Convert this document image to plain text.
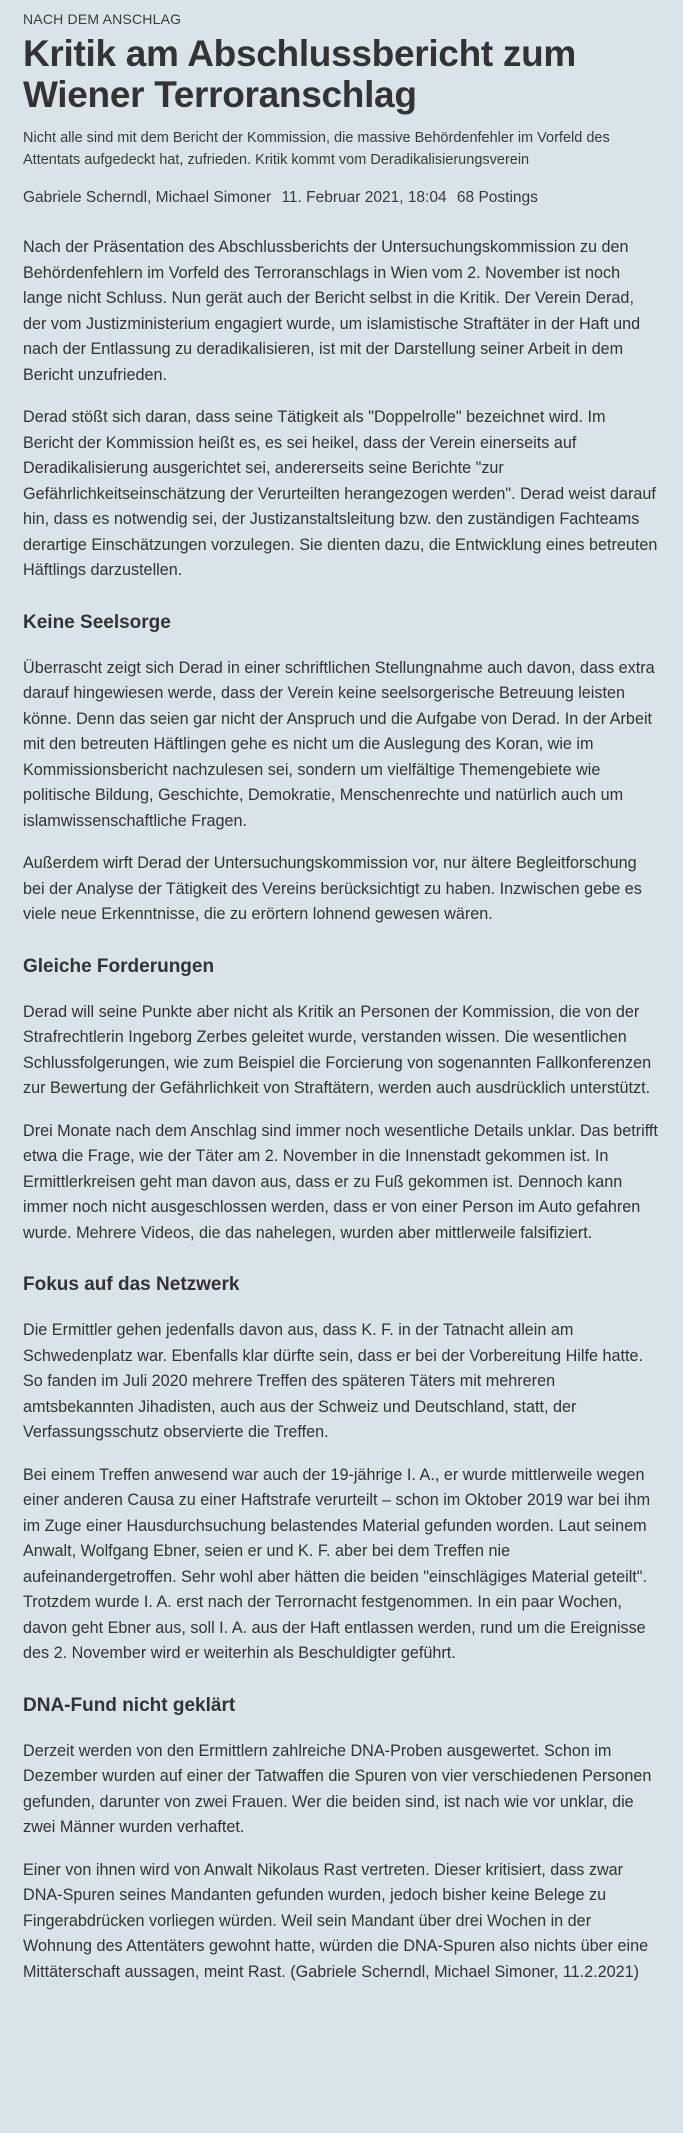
NACH DEM ANSCHLAG
Kritik am Abschlussbericht zum Wiener Terroranschlag

Nicht alle sind mit dem Bericht der Kommission, die massive Behördenfehler im Vorfeld des Attentats aufgedeckt hat, zufrieden. Kritik kommt vom Deradikalisierungsverein

Gabriele Scherndl, Michael Simoner 11. Februar 2021, 18:04 68 Postings

Nach der Präsentation des Abschlussberichts der Untersuchungskommission zu den Behördenfehlern im Vorfeld des Terroranschlags in Wien vom 2. November ist noch lange nicht Schluss. Nun gerät auch der Bericht selbst in die Kritik. Der Verein Derad, der vom Justizministerium engagiert wurde, um islamistische Straftäter in der Haft und nach der Entlassung zu deradikalisieren, ist mit der Darstellung seiner Arbeit in dem Bericht unzufrieden.

Derad stößt sich daran, dass seine Tätigkeit als "Doppelrolle" bezeichnet wird. Im Bericht der Kommission heißt es, es sei heikel, dass der Verein einerseits auf Deradikalisierung ausgerichtet sei, andererseits seine Berichte "zur Gefährlichkeitseinschätzung der Verurteilten herangezogen werden". Derad weist darauf hin, dass es notwendig sei, der Justizanstaltsleitung bzw. den zuständigen Fachteams derartige Einschätzungen vorzulegen. Sie dienten dazu, die Entwicklung eines betreuten Häftlings darzustellen.

Keine Seelsorge

Überrascht zeigt sich Derad in einer schriftlichen Stellungnahme auch davon, dass extra darauf hingewiesen werde, dass der Verein keine seelsorgerische Betreuung leisten könne. Denn das seien gar nicht der Anspruch und die Aufgabe von Derad. In der Arbeit mit den betreuten Häftlingen gehe es nicht um die Auslegung des Koran, wie im Kommissionsbericht nachzulesen sei, sondern um vielfältige Themengebiete wie politische Bildung, Geschichte, Demokratie, Menschenrechte und natürlich auch um islamwissenschaftliche Fragen.

Außerdem wirft Derad der Untersuchungskommission vor, nur ältere Begleitforschung bei der Analyse der Tätigkeit des Vereins berücksichtigt zu haben. Inzwischen gebe es viele neue Erkenntnisse, die zu erörtern lohnend gewesen wären.

Gleiche Forderungen

Derad will seine Punkte aber nicht als Kritik an Personen der Kommission, die von der Strafrechtlerin Ingeborg Zerbes geleitet wurde, verstanden wissen. Die wesentlichen Schlussfolgerungen, wie zum Beispiel die Forcierung von sogenannten Fallkonferenzen zur Bewertung der Gefährlichkeit von Straftätern, werden auch ausdrücklich unterstützt.

Drei Monate nach dem Anschlag sind immer noch wesentliche Details unklar. Das betrifft etwa die Frage, wie der Täter am 2. November in die Innenstadt gekommen ist. In Ermittlerkreisen geht man davon aus, dass er zu Fuß gekommen ist. Dennoch kann immer noch nicht ausgeschlossen werden, dass er von einer Person im Auto gefahren wurde. Mehrere Videos, die das nahelegen, wurden aber mittlerweile falsifiziert.

Fokus auf das Netzwerk

Die Ermittler gehen jedenfalls davon aus, dass K. F. in der Tatnacht allein am Schwedenplatz war. Ebenfalls klar dürfte sein, dass er bei der Vorbereitung Hilfe hatte. So fanden im Juli 2020 mehrere Treffen des späteren Täters mit mehreren amtsbekannten Jihadisten, auch aus der Schweiz und Deutschland, statt, der Verfassungsschutz observierte die Treffen.

Bei einem Treffen anwesend war auch der 19-jährige I. A., er wurde mittlerweile wegen einer anderen Causa zu einer Haftstrafe verurteilt – schon im Oktober 2019 war bei ihm im Zuge einer Hausdurchsuchung belastendes Material gefunden worden. Laut seinem Anwalt, Wolfgang Ebner, seien er und K. F. aber bei dem Treffen nie aufeinandergetroffen. Sehr wohl aber hätten die beiden "einschlägiges Material geteilt". Trotzdem wurde I. A. erst nach der Terrornacht festgenommen. In ein paar Wochen, davon geht Ebner aus, soll I. A. aus der Haft entlassen werden, rund um die Ereignisse des 2. November wird er weiterhin als Beschuldigter geführt.

DNA-Fund nicht geklärt

Derzeit werden von den Ermittlern zahlreiche DNA-Proben ausgewertet. Schon im Dezember wurden auf einer der Tatwaffen die Spuren von vier verschiedenen Personen gefunden, darunter von zwei Frauen. Wer die beiden sind, ist nach wie vor unklar, die zwei Männer wurden verhaftet.

Einer von ihnen wird von Anwalt Nikolaus Rast vertreten. Dieser kritisiert, dass zwar DNA-Spuren seines Mandanten gefunden wurden, jedoch bisher keine Belege zu Fingerabdrücken vorliegen würden. Weil sein Mandant über drei Wochen in der Wohnung des Attentäters gewohnt hatte, würden die DNA-Spuren also nichts über eine Mittäterschaft aussagen, meint Rast. (Gabriele Scherndl, Michael Simoner, 11.2.2021)
